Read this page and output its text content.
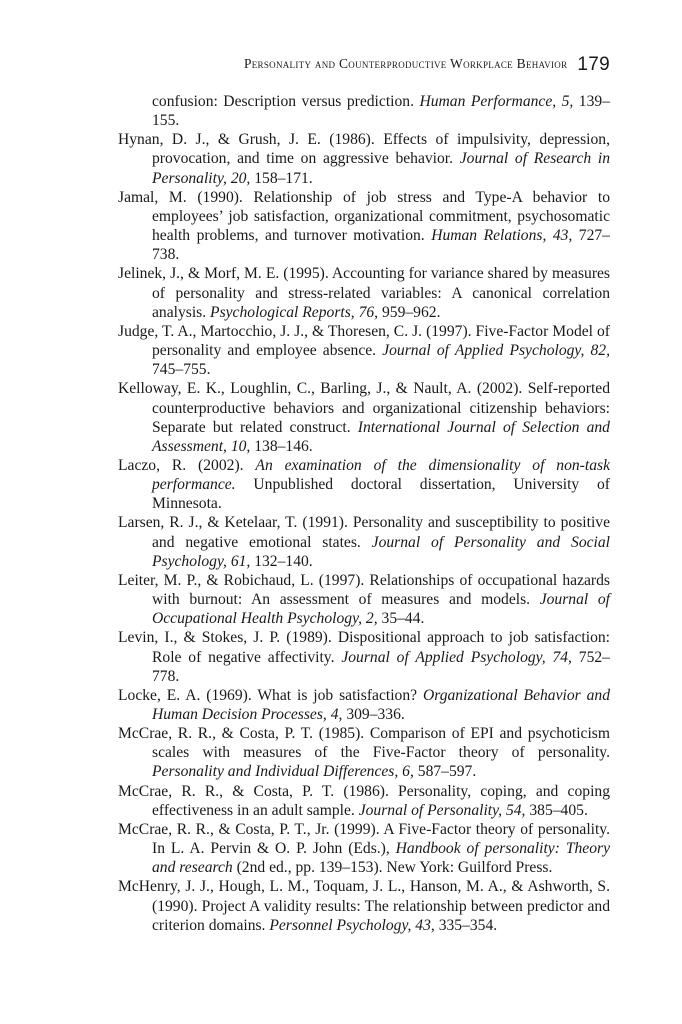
Personality and Counterproductive Workplace Behavior 179

confusion: Description versus prediction. Human Performance, 5, 139–155.

Hynan, D. J., & Grush, J. E. (1986). Effects of impulsivity, depression, provocation, and time on aggressive behavior. Journal of Research in Personality, 20, 158–171.

Jamal, M. (1990). Relationship of job stress and Type-A behavior to employees’ job satisfaction, organizational commitment, psychosomatic health problems, and turnover motivation. Human Relations, 43, 727–738.

Jelinek, J., & Morf, M. E. (1995). Accounting for variance shared by measures of personality and stress-related variables: A canonical correlation analysis. Psychological Reports, 76, 959–962.

Judge, T. A., Martocchio, J. J., & Thoresen, C. J. (1997). Five-Factor Model of personality and employee absence. Journal of Applied Psychology, 82, 745–755.

Kelloway, E. K., Loughlin, C., Barling, J., & Nault, A. (2002). Self-reported counterproductive behaviors and organizational citizenship behaviors: Separate but related construct. International Journal of Selection and Assessment, 10, 138–146.

Laczo, R. (2002). An examination of the dimensionality of non-task performance. Unpublished doctoral dissertation, University of Minnesota.

Larsen, R. J., & Ketelaar, T. (1991). Personality and susceptibility to positive and negative emotional states. Journal of Personality and Social Psychology, 61, 132–140.

Leiter, M. P., & Robichaud, L. (1997). Relationships of occupational hazards with burnout: An assessment of measures and models. Journal of Occupational Health Psychology, 2, 35–44.

Levin, I., & Stokes, J. P. (1989). Dispositional approach to job satisfaction: Role of negative affectivity. Journal of Applied Psychology, 74, 752–778.

Locke, E. A. (1969). What is job satisfaction? Organizational Behavior and Human Decision Processes, 4, 309–336.

McCrae, R. R., & Costa, P. T. (1985). Comparison of EPI and psychoticism scales with measures of the Five-Factor theory of personality. Personality and Individual Differences, 6, 587–597.

McCrae, R. R., & Costa, P. T. (1986). Personality, coping, and coping effectiveness in an adult sample. Journal of Personality, 54, 385–405.

McCrae, R. R., & Costa, P. T., Jr. (1999). A Five-Factor theory of personality. In L. A. Pervin & O. P. John (Eds.), Handbook of personality: Theory and research (2nd ed., pp. 139–153). New York: Guilford Press.

McHenry, J. J., Hough, L. M., Toquam, J. L., Hanson, M. A., & Ashworth, S. (1990). Project A validity results: The relationship between predictor and criterion domains. Personnel Psychology, 43, 335–354.
